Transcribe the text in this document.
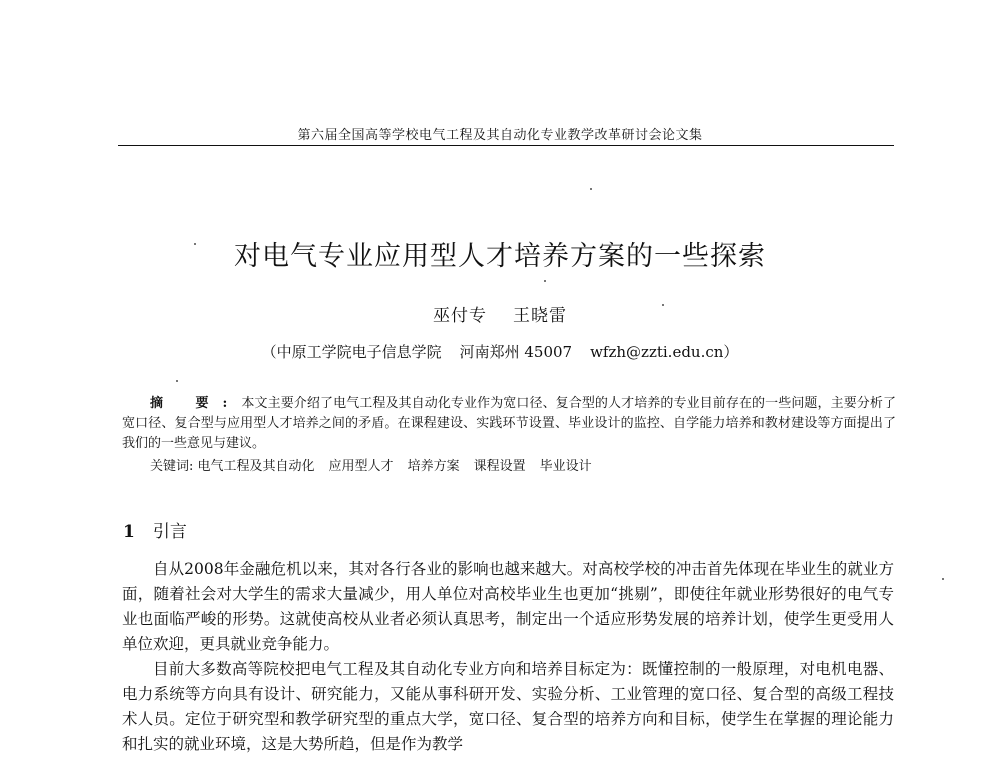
第六届全国高等学校电气工程及其自动化专业教学改革研讨会论文集
对电气专业应用型人才培养方案的一些探索
巫付专 王晓雷
（中原工学院电子信息学院 河南郑州 45007 wfzh@zzti.edu.cn）

摘 要:本文主要介绍了电气工程及其自动化专业作为宽口径、复合型的人才培养的专业目前存在的一些问题，主要分析了宽口径、复合型与应用型人才培养之间的矛盾。在课程建设、实践环节设置、毕业设计的监控、自学能力培养和教材建设等方面提出了我们的一些意见与建议。

关键词: 电气工程及其自动化 应用型人才 培养方案 课程设置 毕业设计
1 引言

自从2008年金融危机以来，其对各行各业的影响也越来越大。对高校学校的冲击首先体现在毕业生的就业方面，随着社会对大学生的需求大量减少，用人单位对高校毕业生也更加“挑剔”，即使往年就业形势很好的电气专业也面临严峻的形势。这就使高校从业者必须认真思考，制定出一个适应形势发展的培养计划，使学生更受用人单位欢迎，更具就业竞争能力。

目前大多数高等院校把电气工程及其自动化专业方向和培养目标定为：既懂控制的一般原理，对电机电器、电力系统等方向具有设计、研究能力，又能从事科研开发、实验分析、工业管理的宽口径、复合型的高级工程技术人员。定位于研究型和教学研究型的重点大学，宽口径、复合型的培养方向和目标，使学生在掌握的理论能力和扎实的就业环境，这是大势所趋，但是作为教学
